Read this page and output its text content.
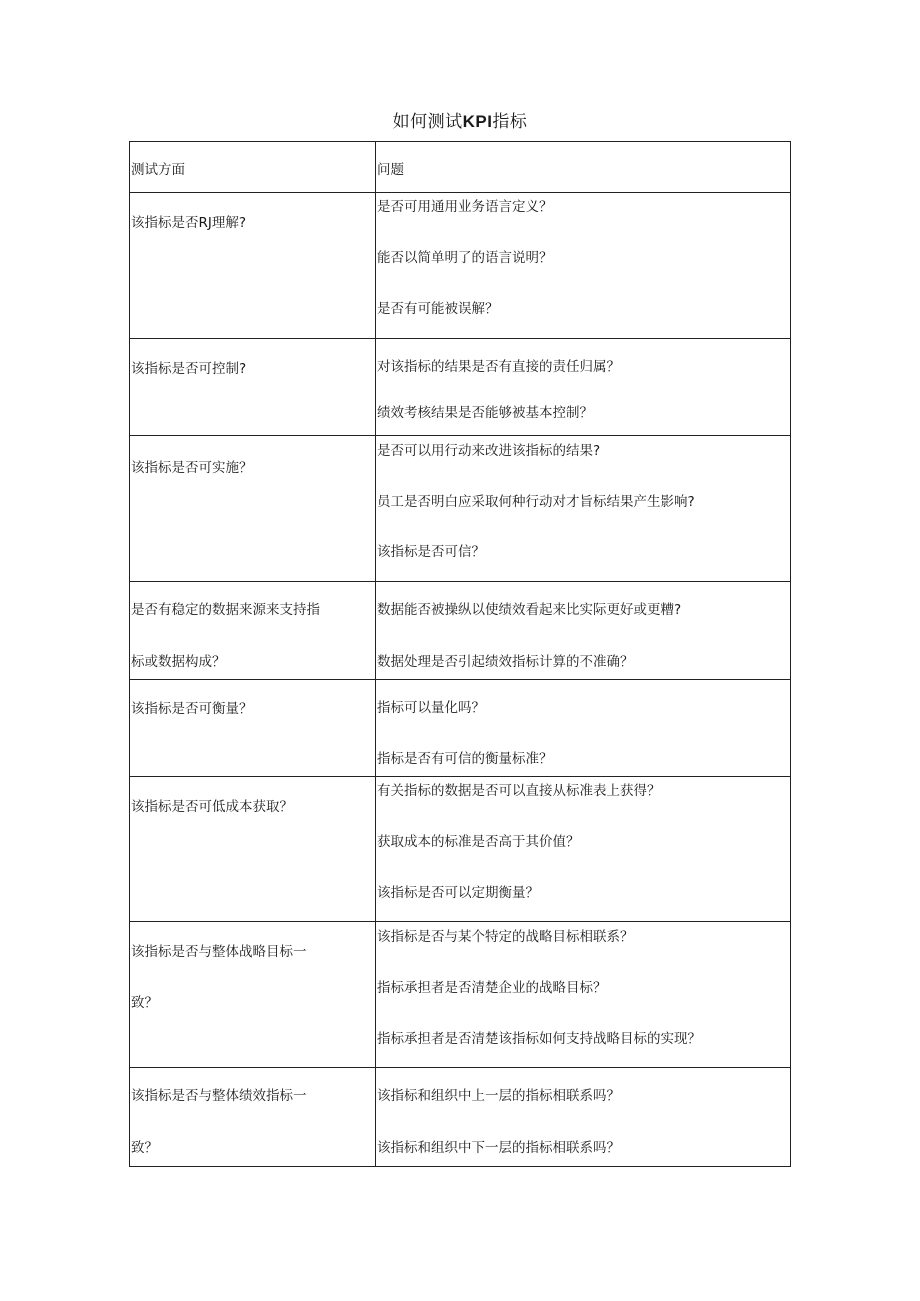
如何测试KPI指标
测试方面	问题

该指标是否RJ理解?	是否可用通用业务语言定义？
能否以简单明了的语言说明？
是否有可能被误解？

该指标是否可控制?	对该指标的结果是否有直接的责任归属？
绩效考核结果是否能够被基本控制？

该指标是否可实施？	是否可以用行动来改进该指标的结果?
员工是否明白应采取何种行动对才旨标结果产生影响?
该指标是否可信？

是否有稳定的数据来源来支持指
标或数据构成？	数据能否被操纵以使绩效看起来比实际更好或更糟?
数据处理是否引起绩效指标计算的不准确？

该指标是否可衡量？	指标可以量化吗？
指标是否有可信的衡量标准？

该指标是否可低成本获取？	有关指标的数据是否可以直接从标准表上获得？
获取成本的标准是否高于其价值？
该指标是否可以定期衡量？

该指标是否与整体战略目标一
致？	该指标是否与某个特定的战略目标相联系？
指标承担者是否清楚企业的战略目标？
指标承担者是否清楚该指标如何支持战略目标的实现？

该指标是否与整体绩效指标一
致？	该指标和组织中上一层的指标相联系吗？
该指标和组织中下一层的指标相联系吗？
